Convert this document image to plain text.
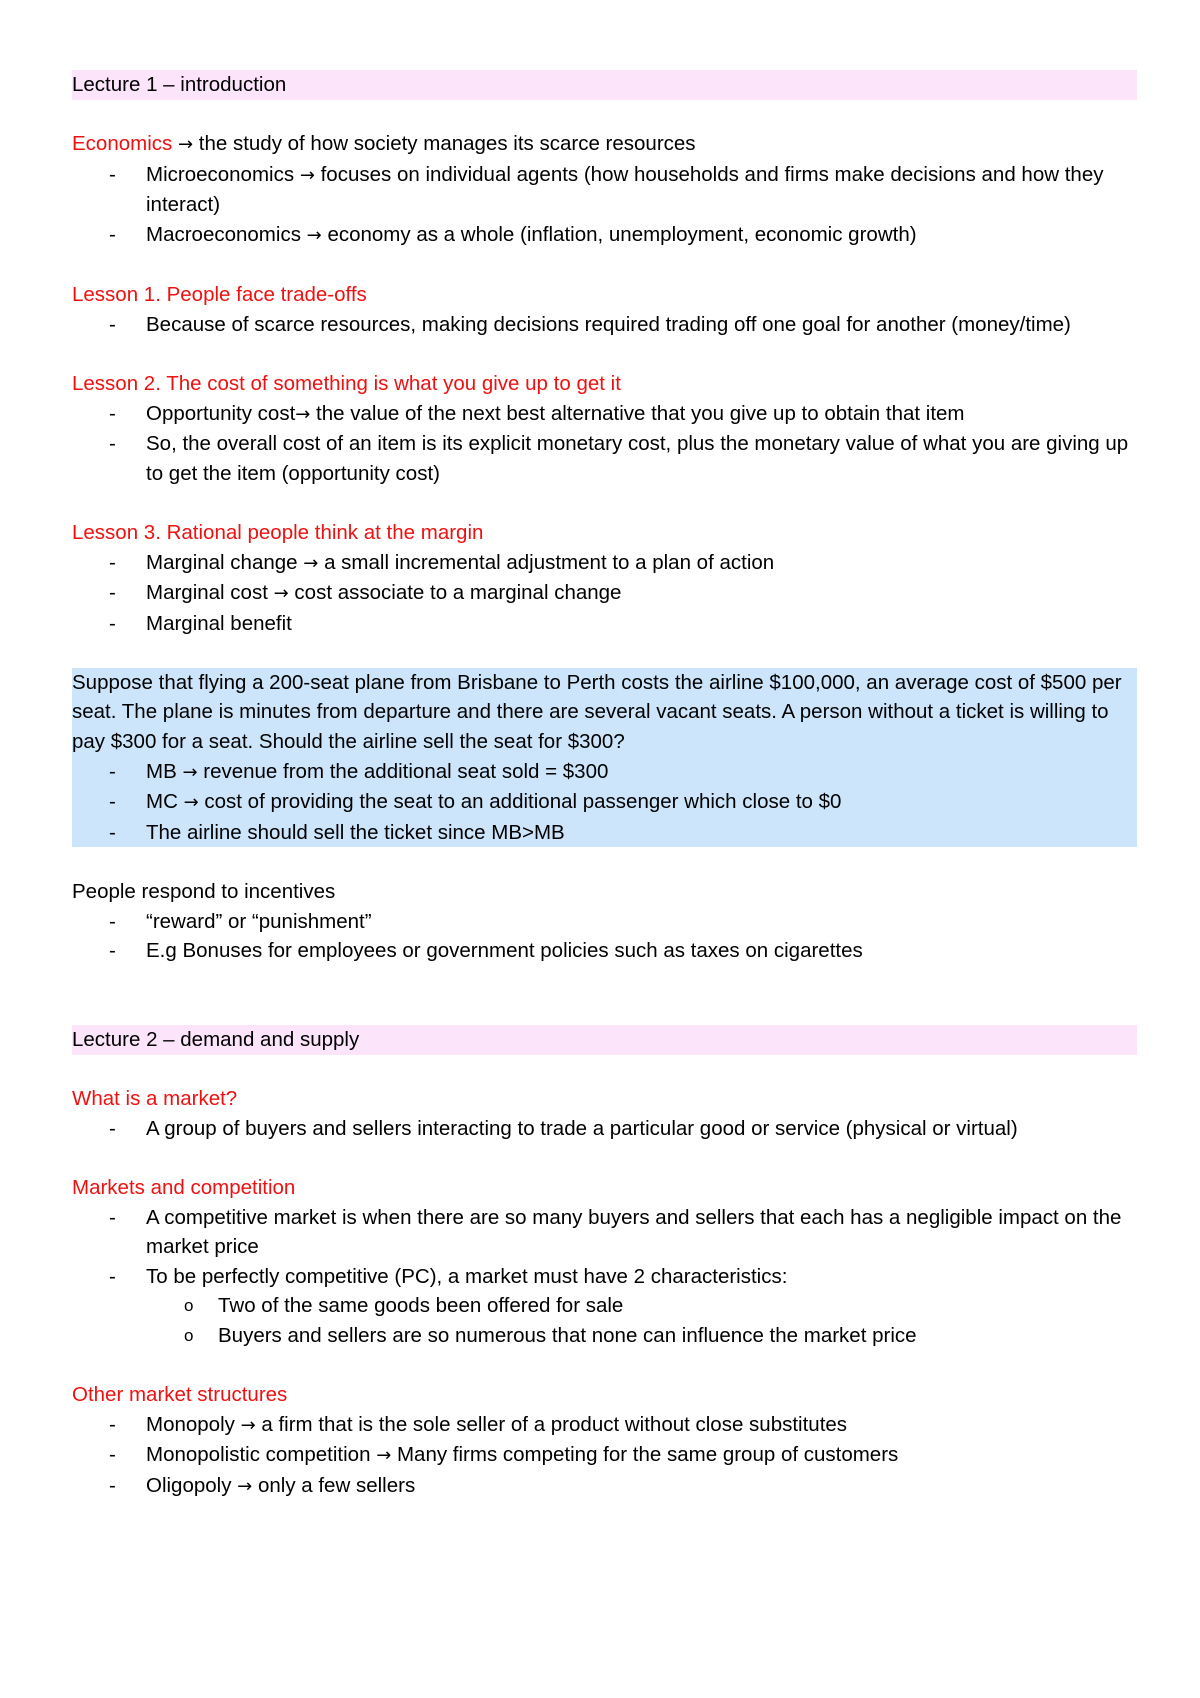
Lecture 1 – introduction
Economics → the study of how society manages its scarce resources
- Microeconomics → focuses on individual agents (how households and firms make decisions and how they interact)
- Macroeconomics → economy as a whole (inflation, unemployment, economic growth)
Lesson 1. People face trade-offs
- Because of scarce resources, making decisions required trading off one goal for another (money/time)
Lesson 2. The cost of something is what you give up to get it
- Opportunity cost→ the value of the next best alternative that you give up to obtain that item
- So, the overall cost of an item is its explicit monetary cost, plus the monetary value of what you are giving up to get the item (opportunity cost)
Lesson 3. Rational people think at the margin
- Marginal change → a small incremental adjustment to a plan of action
- Marginal cost → cost associate to a marginal change
- Marginal benefit
Suppose that flying a 200-seat plane from Brisbane to Perth costs the airline $100,000, an average cost of $500 per seat. The plane is minutes from departure and there are several vacant seats. A person without a ticket is willing to pay $300 for a seat. Should the airline sell the seat for $300?
- MB → revenue from the additional seat sold = $300
- MC → cost of providing the seat to an additional passenger which close to $0
- The airline should sell the ticket since MB>MB
People respond to incentives
- “reward” or “punishment”
- E.g Bonuses for employees or government policies such as taxes on cigarettes
Lecture 2 – demand and supply
What is a market?
- A group of buyers and sellers interacting to trade a particular good or service (physical or virtual)
Markets and competition
- A competitive market is when there are so many buyers and sellers that each has a negligible impact on the market price
- To be perfectly competitive (PC), a market must have 2 characteristics:
o Two of the same goods been offered for sale
o Buyers and sellers are so numerous that none can influence the market price
Other market structures
- Monopoly → a firm that is the sole seller of a product without close substitutes
- Monopolistic competition → Many firms competing for the same group of customers
- Oligopoly → only a few sellers
